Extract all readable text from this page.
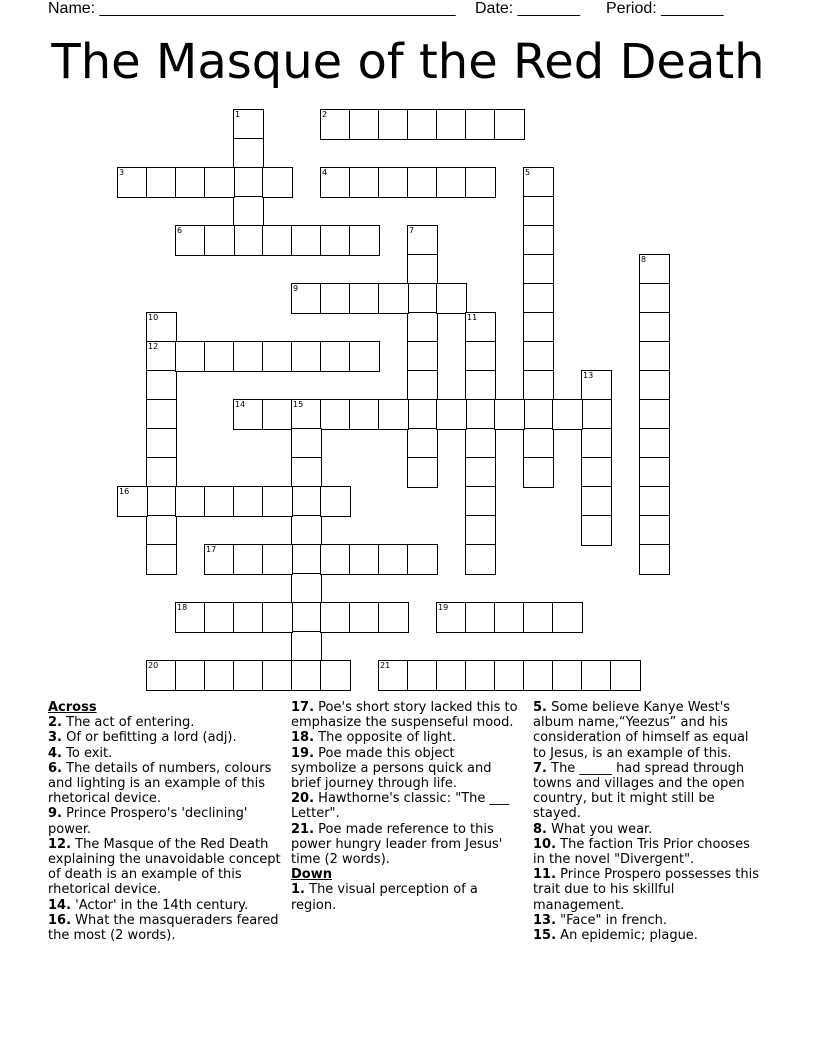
Name: ________________________________________ Date: _______ Period: _______
The Masque of the Red Death
1	2
3	4	5
6	7
8
9
10
12
11
13
14	15
16
17
18	19
20	21
Across
2. The act of entering.
3. Of or befitting a lord (adj).
4. To exit.
6. The details of numbers, colours and lighting is an example of this rhetorical device.
9. Prince Prospero's 'declining' power.
12. The Masque of the Red Death explaining the unavoidable concept of death is an example of this rhetorical device.
14. 'Actor' in the 14th century.
16. What the masqueraders feared the most (2 words).
17. Poe's short story lacked this to emphasize the suspenseful mood.
18. The opposite of light.
19. Poe made this object symbolize a persons quick and brief journey through life.
20. Hawthorne's classic: "The ___ Letter".
21. Poe made reference to this power hungry leader from Jesus' time (2 words).
Down
1. The visual perception of a region.
5. Some believe Kanye West's album name,“Yeezus” and his consideration of himself as equal to Jesus, is an example of this.
7. The _____ had spread through towns and villages and the open country, but it might still be stayed.
8. What you wear.
10. The faction Tris Prior chooses in the novel "Divergent".
11. Prince Prospero possesses this trait due to his skillful management.
13. "Face" in french.
15. An epidemic; plague.
